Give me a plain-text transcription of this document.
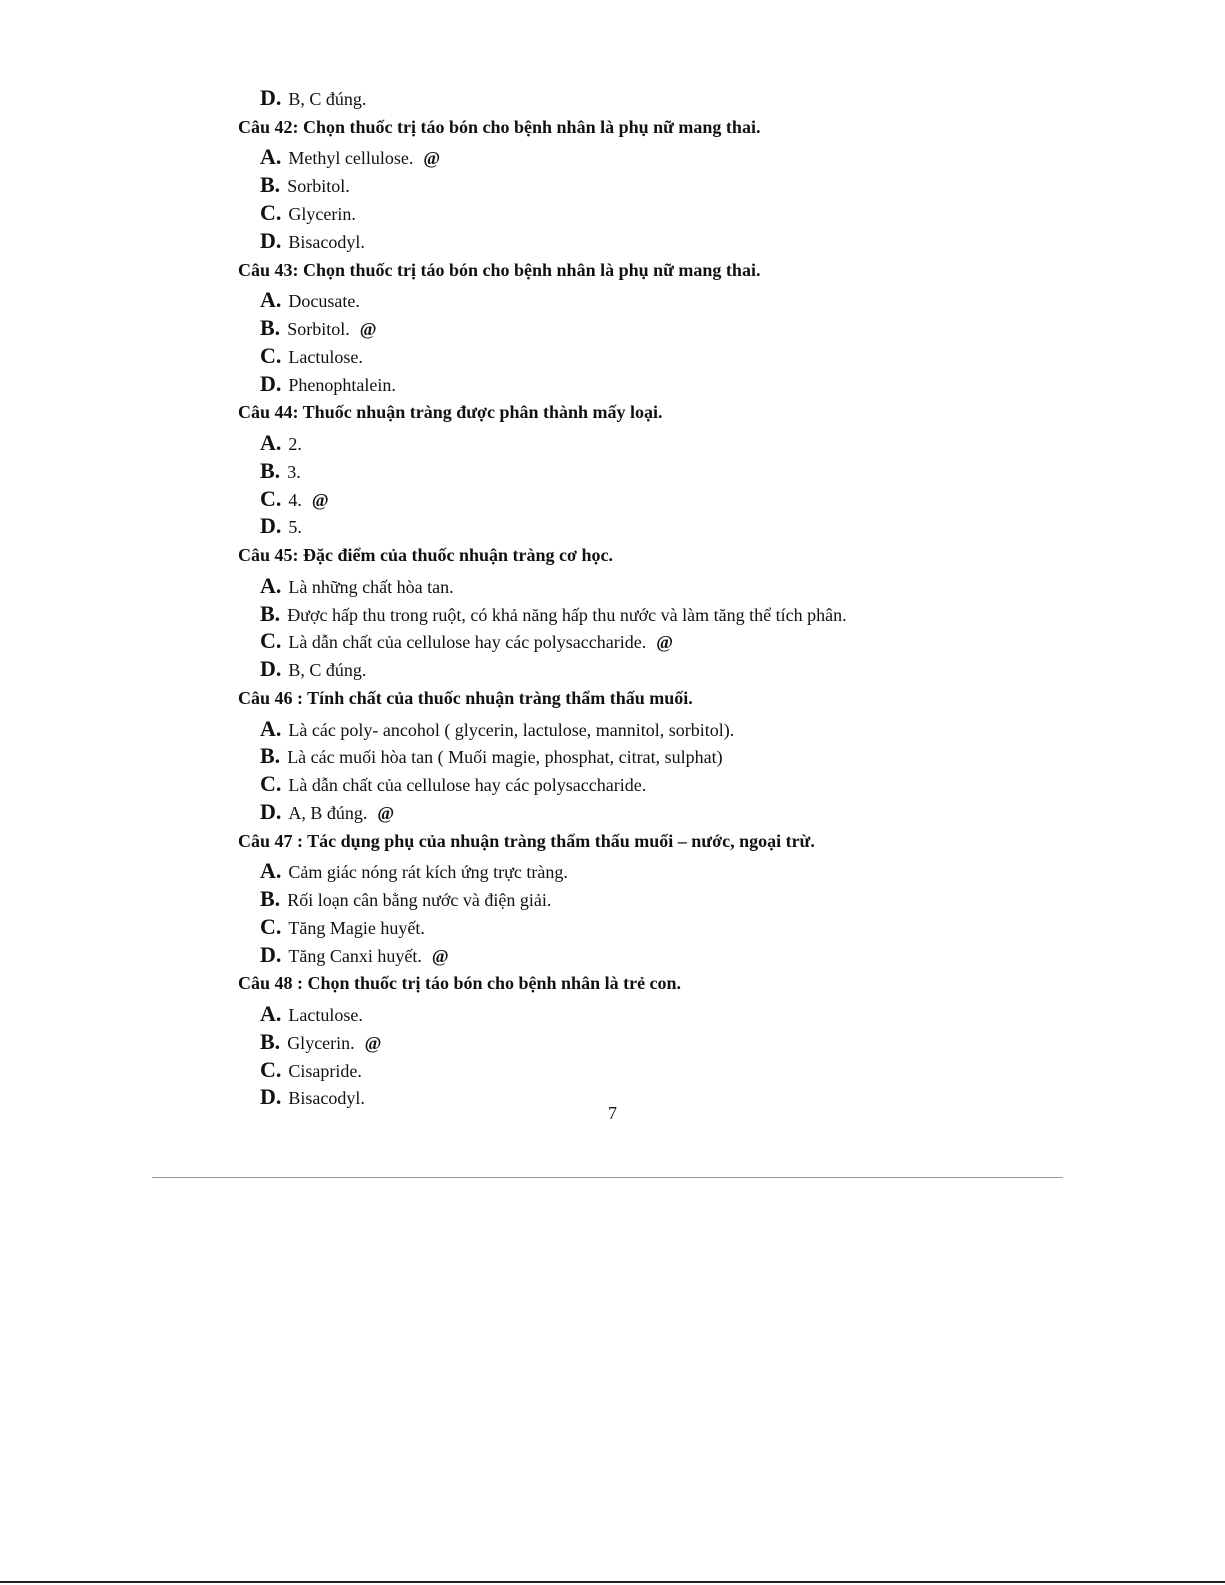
D. B, C đúng.
Câu 42: Chọn thuốc trị táo bón cho bệnh nhân là phụ nữ mang thai.
A. Methyl cellulose. @
B. Sorbitol.
C. Glycerin.
D. Bisacodyl.
Câu 43: Chọn thuốc trị táo bón cho bệnh nhân là phụ nữ mang thai.
A. Docusate.
B. Sorbitol. @
C. Lactulose.
D. Phenophtalein.
Câu 44: Thuốc nhuận tràng được phân thành mấy loại.
A. 2.
B. 3.
C. 4. @
D. 5.
Câu 45: Đặc điểm của thuốc nhuận tràng cơ học.
A. Là những chất hòa tan.
B. Được hấp thu trong ruột, có khả năng hấp thu nước và làm tăng thể tích phân.
C. Là dẫn chất của cellulose hay các polysaccharide. @
D. B, C đúng.
Câu 46 : Tính chất của thuốc nhuận tràng thẩm thấu muối.
A. Là các poly- ancohol ( glycerin, lactulose, mannitol, sorbitol).
B. Là các muối hòa tan ( Muối magie, phosphat, citrat, sulphat)
C. Là dẫn chất của cellulose hay các polysaccharide.
D. A, B đúng. @
Câu 47 : Tác dụng phụ của nhuận tràng thẩm thấu muối – nước, ngoại trừ.
A. Cảm giác nóng rát kích ứng trực tràng.
B. Rối loạn cân bằng nước và điện giải.
C. Tăng Magie huyết.
D. Tăng Canxi huyết. @
Câu 48 : Chọn thuốc trị táo bón cho bệnh nhân là trẻ con.
A. Lactulose.
B. Glycerin. @
C. Cisapride.
D. Bisacodyl.
7
